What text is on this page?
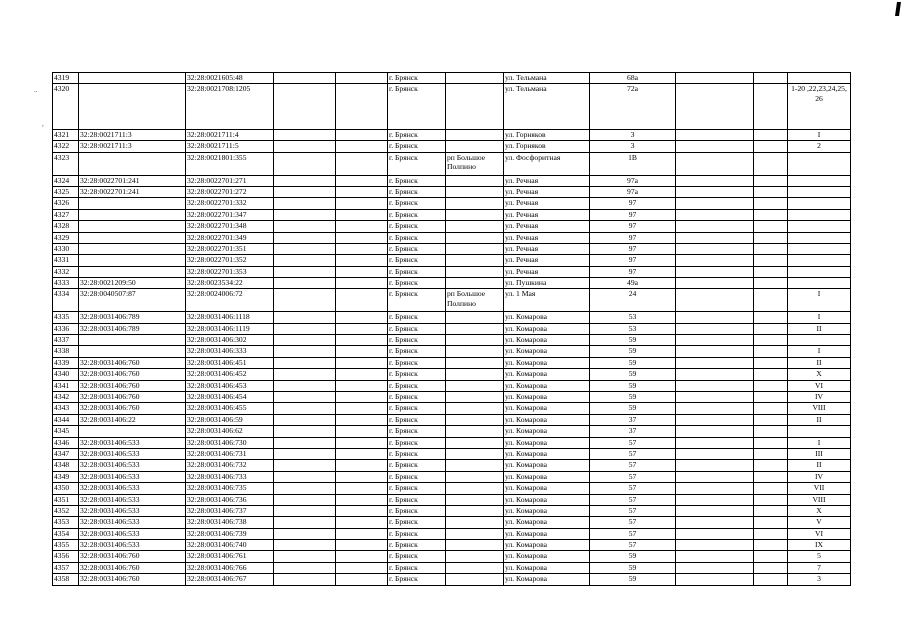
..
,
4319		32:28:0021605:48			г. Брянск		ул. Тельмана	68а			
4320		32:28:0021708:1205			г. Брянск		ул. Тельмана	72а			1-20 ,22,23,24,25, 26
4321	32:28:0021711:3	32:28:0021711:4			г. Брянск		ул. Горняков	3			I
4322	32:28:0021711:3	32:28:0021711:5			г. Брянск		ул. Горняков	3			2
4323		32:28:0021801:355			г. Брянск	рп Большое Полпино	ул. Фосфоритная	1В			
4324	32:28:0022701:241	32:28:0022701:271			г. Брянск		ул. Речная	97а			
4325	32:28:0022701:241	32:28:0022701:272			г. Брянск		ул. Речная	97а			
4326		32:28:0022701:332			г. Брянск		ул. Речная	97			
4327		32:28:0022701:347			г. Брянск		ул. Речная	97			
4328		32:28:0022701:348			г. Брянск		ул. Речная	97			
4329		32:28:0022701:349			г. Брянск		ул. Речная	97			
4330		32:28:0022701:351			г. Брянск		ул. Речная	97			
4331		32:28:0022701:352			г. Брянск		ул. Речная	97			
4332		32:28:0022701:353			г. Брянск		ул. Речная	97			
4333	32:28:0021209:50	32:28:0023534:22			г. Брянск		ул. Пушкина	49а			
4334	32:28:0040507:87	32:28:0024006:72			г. Брянск	рп Большое Полпино	ул. 1 Мая	24			I
4335	32:28:0031406:789	32:28:0031406:1118			г. Брянск		ул. Комарова	53			I
4336	32:28:0031406:789	32:28:0031406:1119			г. Брянск		ул. Комарова	53			II
4337		32:28:0031406:302			г. Брянск		ул. Комарова	59			
4338		32:28:0031406:333			г. Брянск		ул. Комарова	59			I
4339	32:28:0031406:760	32:28:0031406:451			г. Брянск		ул. Комарова	59			II
4340	32:28:0031406:760	32:28:0031406:452			г. Брянск		ул. Комарова	59			X
4341	32:28:0031406:760	32:28:0031406:453			г. Брянск		ул. Комарова	59			VI
4342	32:28:0031406:760	32:28:0031406:454			г. Брянск		ул. Комарова	59			IV
4343	32:28:0031406:760	32:28:0031406:455			г. Брянск		ул. Комарова	59			VIII
4344	32:28:0031406:22	32:28:0031406:59			г. Брянск		ул. Комарова	37			II
4345		32:28:0031406:62			г. Брянск		ул. Комарова	37			
4346	32:28:0031406:533	32:28:0031406:730			г. Брянск		ул. Комарова	57			I
4347	32:28:0031406:533	32:28:0031406:731			г. Брянск		ул. Комарова	57			III
4348	32:28:0031406:533	32:28:0031406:732			г. Брянск		ул. Комарова	57			II
4349	32:28:0031406:533	32:28:0031406:733			г. Брянск		ул. Комарова	57			IV
4350	32:28:0031406:533	32:28:0031406:735			г. Брянск		ул. Комарова	57			VII
4351	32:28:0031406:533	32:28:0031406:736			г. Брянск		ул. Комарова	57			VIII
4352	32:28:0031406:533	32:28:0031406:737			г. Брянск		ул. Комарова	57			X
4353	32:28:0031406:533	32:28:0031406:738			г. Брянск		ул. Комарова	57			V
4354	32:28:0031406:533	32:28:0031406:739			г. Брянск		ул. Комарова	57			VI
4355	32:28:0031406:533	32:28:0031406:740			г. Брянск		ул. Комарова	57			IX
4356	32:28:0031406:760	32:28:0031406:761			г. Брянск		ул. Комарова	59			5
4357	32:28:0031406:760	32:28:0031406:766			г. Брянск		ул. Комарова	59			7
4358	32:28:0031406:760	32:28:0031406:767			г. Брянск		ул. Комарова	59			3
